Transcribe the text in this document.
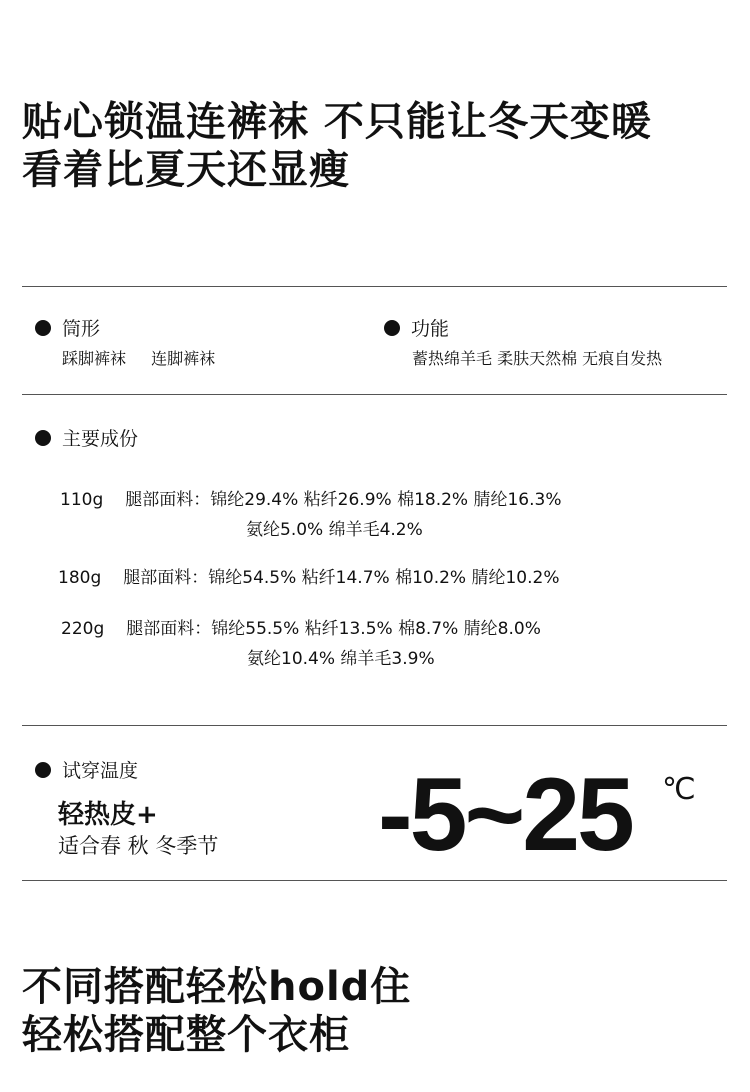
贴心锁温连裤袜 不只能让冬天变暖
看着比夏天还显瘦
筒形
踩脚裤袜 连脚裤袜
功能
蓄热绵羊毛 柔肤天然棉 无痕自发热
主要成份
110g 腿部面料：锦纶29.4% 粘纤26.9% 棉18.2% 腈纶16.3%
氨纶5.0% 绵羊毛4.2%
180g 腿部面料：锦纶54.5% 粘纤14.7% 棉10.2% 腈纶10.2%
220g 腿部面料：锦纶55.5% 粘纤13.5% 棉8.7% 腈纶8.0%
氨纶10.4% 绵羊毛3.9%
试穿温度
轻热皮+
适合春 秋 冬季节 -5~25 ℃
不同搭配轻松hold住
轻松搭配整个衣柜
